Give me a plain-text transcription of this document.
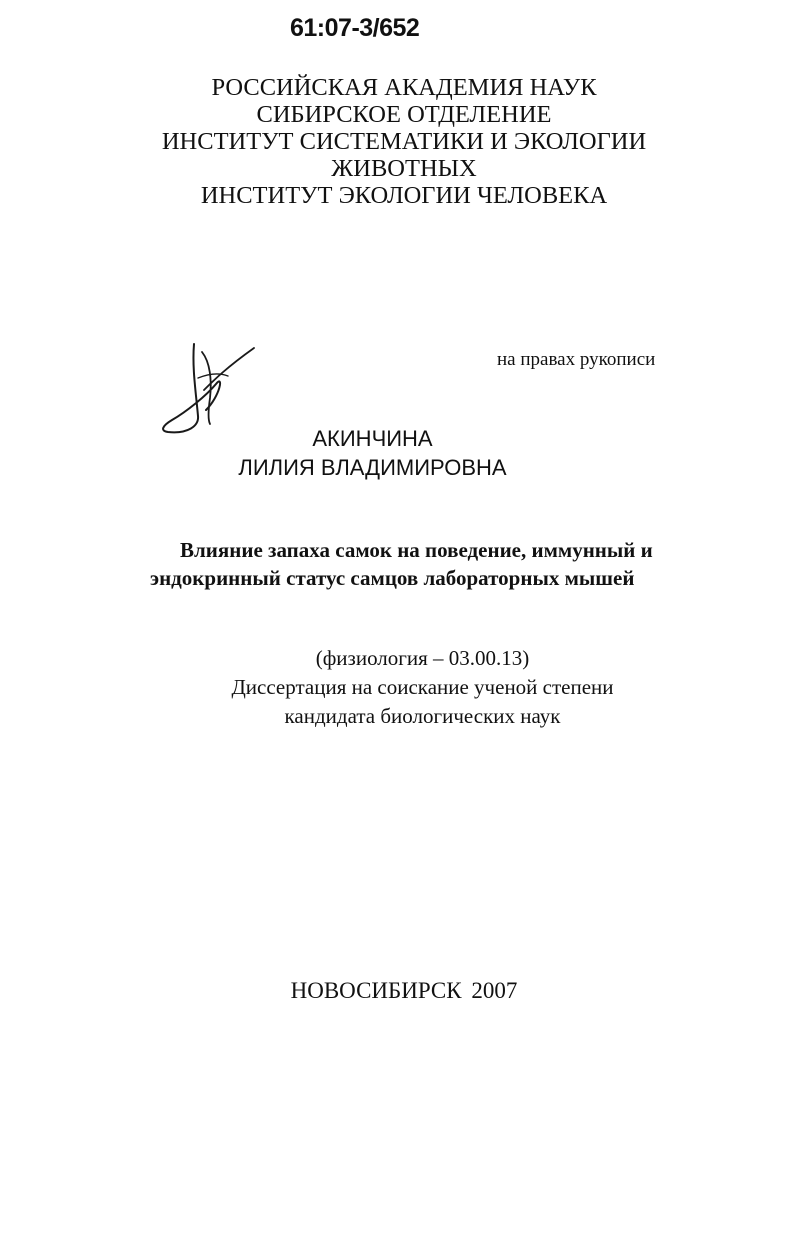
61:07-3/652
РОССИЙСКАЯ АКАДЕМИЯ НАУК
СИБИРСКОЕ ОТДЕЛЕНИЕ
ИНСТИТУТ СИСТЕМАТИКИ И ЭКОЛОГИИ
ЖИВОТНЫХ
ИНСТИТУТ ЭКОЛОГИИ ЧЕЛОВЕКА
на правах рукописи
АКИНЧИНА
ЛИЛИЯ ВЛАДИМИРОВНА
Влияние запаха самок на поведение, иммунный и
эндокринный статус самцов лабораторных мышей
(физиология – 03.00.13)
Диссертация на соискание ученой степени
кандидата биологических наук
НОВОСИБИРСК 2007
